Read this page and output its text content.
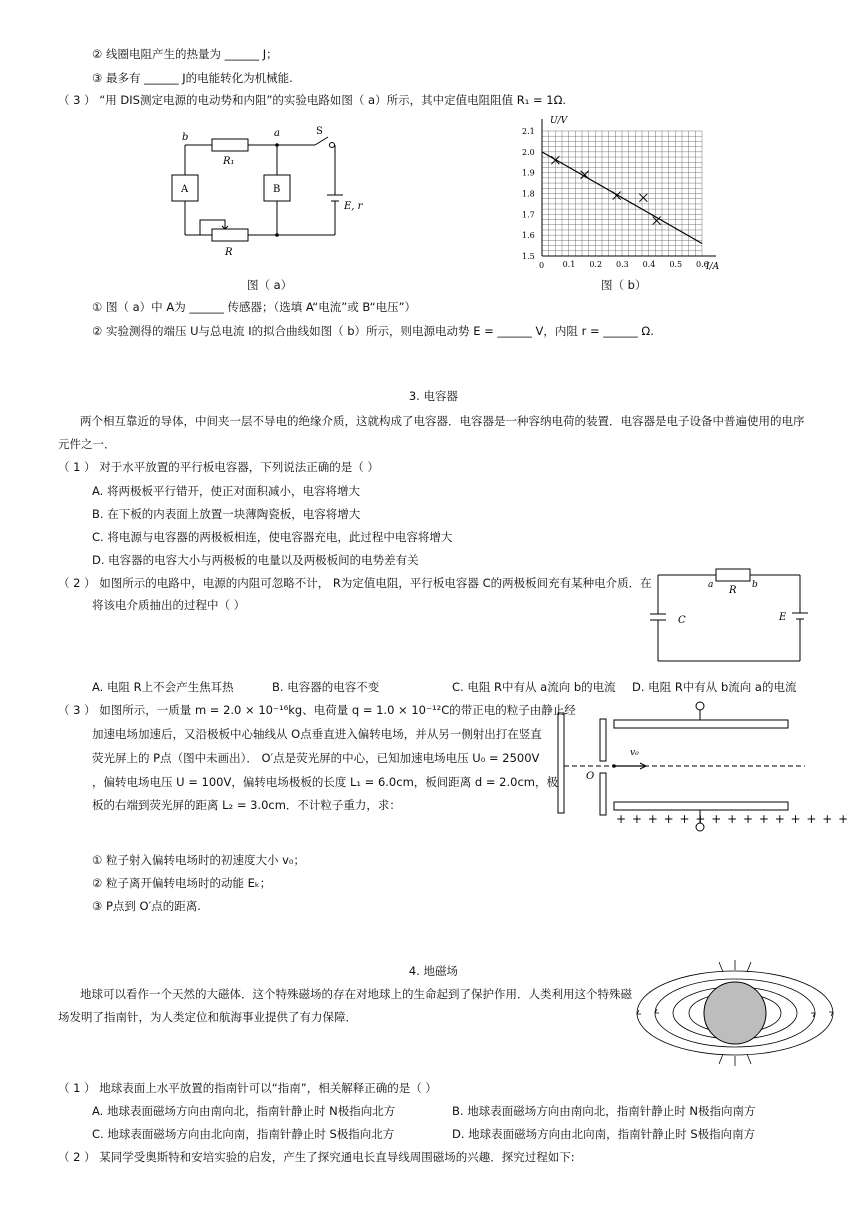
② 线圈电阻产生的热量为 ______ J；
③ 最多有 ______ J的电能转化为机械能.
（ 3 ） “用 DIS测定电源的电动势和内阻”的实验电路如图（ a）所示，其中定值电阻阻值 R₁ = 1Ω.
b	a	S
R₁
A	B
E, r
R
图（ a）
0.1 0.2 0.3 0.4 0.5 0.6
1.5
1.6
1.7
1.8
1.9
2.0
2.1
U/V
I/A
0
图（ b）
① 图（ a）中 A为 ______ 传感器；（选填 A“电流”或 B“电压”）
② 实验测得的端压 U与总电流 I的拟合曲线如图（ b）所示，则电源电动势 E = ______ V，内阻 r = ______ Ω.
3. 电容器
两个相互靠近的导体，中间夹一层不导电的绝缘介质，这就构成了电容器．电容器是一种容纳电荷的装置．电容器是电子设备中普遍使用的电序
元件之一．
（ 1 ） 对于水平放置的平行板电容器，下列说法正确的是（ ）
A. 将两极板平行错开，使正对面积减小，电容将增大
B. 在下板的内表面上放置一块薄陶瓷板，电容将增大
C. 将电源与电容器的两极板相连，使电容器充电，此过程中电容将增大
D. 电容器的电容大小与两极板的电量以及两极板间的电势差有关
（ 2 ） 如图所示的电路中，电源的内阻可忽略不计， R为定值电阻，平行板电容器 C的两极板间充有某种电介质．在
将该电介质抽出的过程中（ ）
a	b
R
C	E
A. 电阻 R上不会产生焦耳热	B. 电容器的电容不变	C. 电阻 R中有从 a流向 b的电流 D. 电阻 R中有从 b流向 a的电流
（ 3 ） 如图所示，一质量 m = 2.0 × 10⁻¹⁶kg、电荷量 q = 1.0 × 10⁻¹²C的带正电的粒子由静止经
加速电场加速后，又沿极板中心轴线从 O点垂直进入偏转电场，并从另一侧射出打在竖直
荧光屏上的 P点（图中未画出）． O′点是荧光屏的中心，已知加速电场电压 U₀ = 2500V
，偏转电场电压 U = 100V，偏转电场极板的长度 L₁ = 6.0cm，板间距离 d = 2.0cm，极
板的右端到荧光屏的距离 L₂ = 3.0cm．不计粒子重力，求：
O
v₀
+ + + + + + + + + + + + + + +
① 粒子射入偏转电场时的初速度大小 v₀；
② 粒子离开偏转电场时的动能 Eₖ；
③ P点到 O′点的距离.
4. 地磁场
地球可以看作一个天然的大磁体．这个特殊磁场的存在对地球上的生命起到了保护作用．人类利用这个特殊磁
场发明了指南针，为人类定位和航海事业提供了有力保障．
（ 1 ） 地球表面上水平放置的指南针可以“指南”，相关解释正确的是（ ）
A. 地球表面磁场方向由南向北，指南针静止时 N极指向北方	B. 地球表面磁场方向由南向北，指南针静止时 N极指向南方
C. 地球表面磁场方向由北向南，指南针静止时 S极指向北方	D. 地球表面磁场方向由北向南，指南针静止时 S极指向南方
（ 2 ） 某同学受奥斯特和安培实验的启发，产生了探究通电长直导线周围磁场的兴趣．探究过程如下:
